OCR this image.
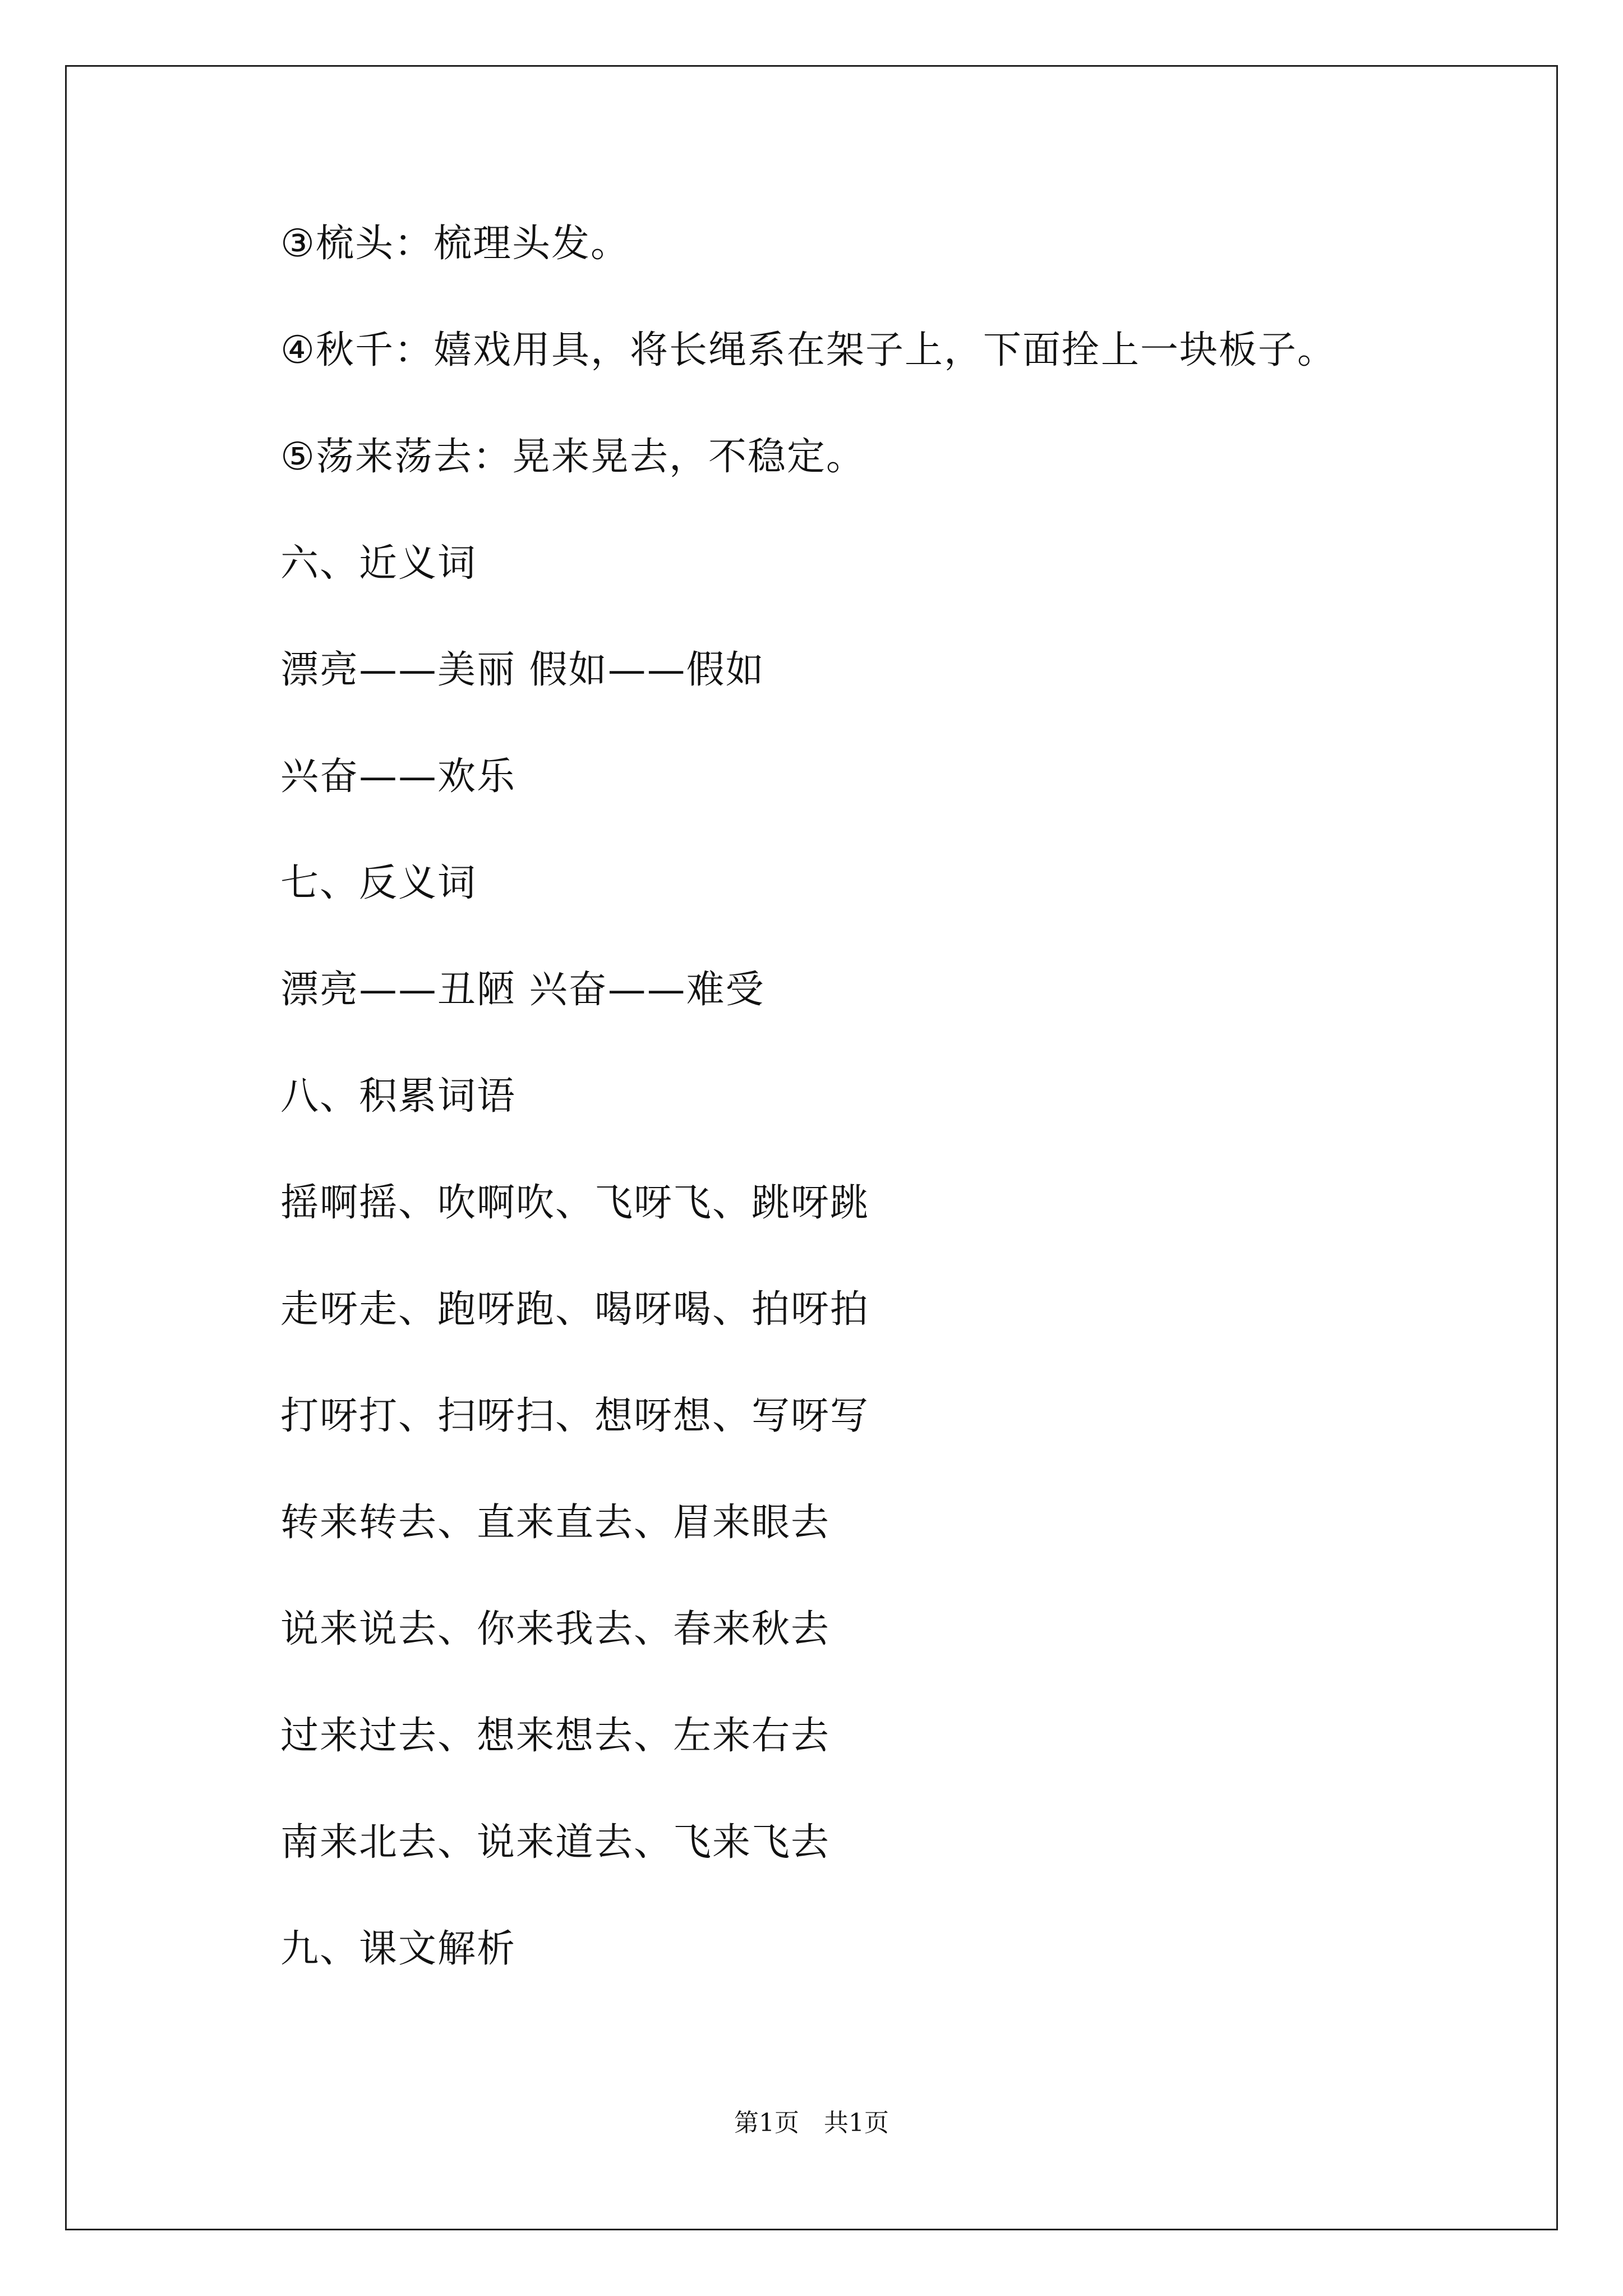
③梳头：梳理头发。
④秋千：嬉戏用具，将长绳系在架子上，下面拴上一块板子。
⑤荡来荡去：晃来晃去，不稳定。
六、近义词
漂亮——美丽 假如——假如
兴奋——欢乐
七、反义词
漂亮——丑陋 兴奋——难受
八、积累词语
摇啊摇、吹啊吹、飞呀飞、跳呀跳
走呀走、跑呀跑、喝呀喝、拍呀拍
打呀打、扫呀扫、想呀想、写呀写
转来转去、直来直去、眉来眼去
说来说去、你来我去、春来秋去
过来过去、想来想去、左来右去
南来北去、说来道去、飞来飞去
九、课文解析
第1页　共1页
